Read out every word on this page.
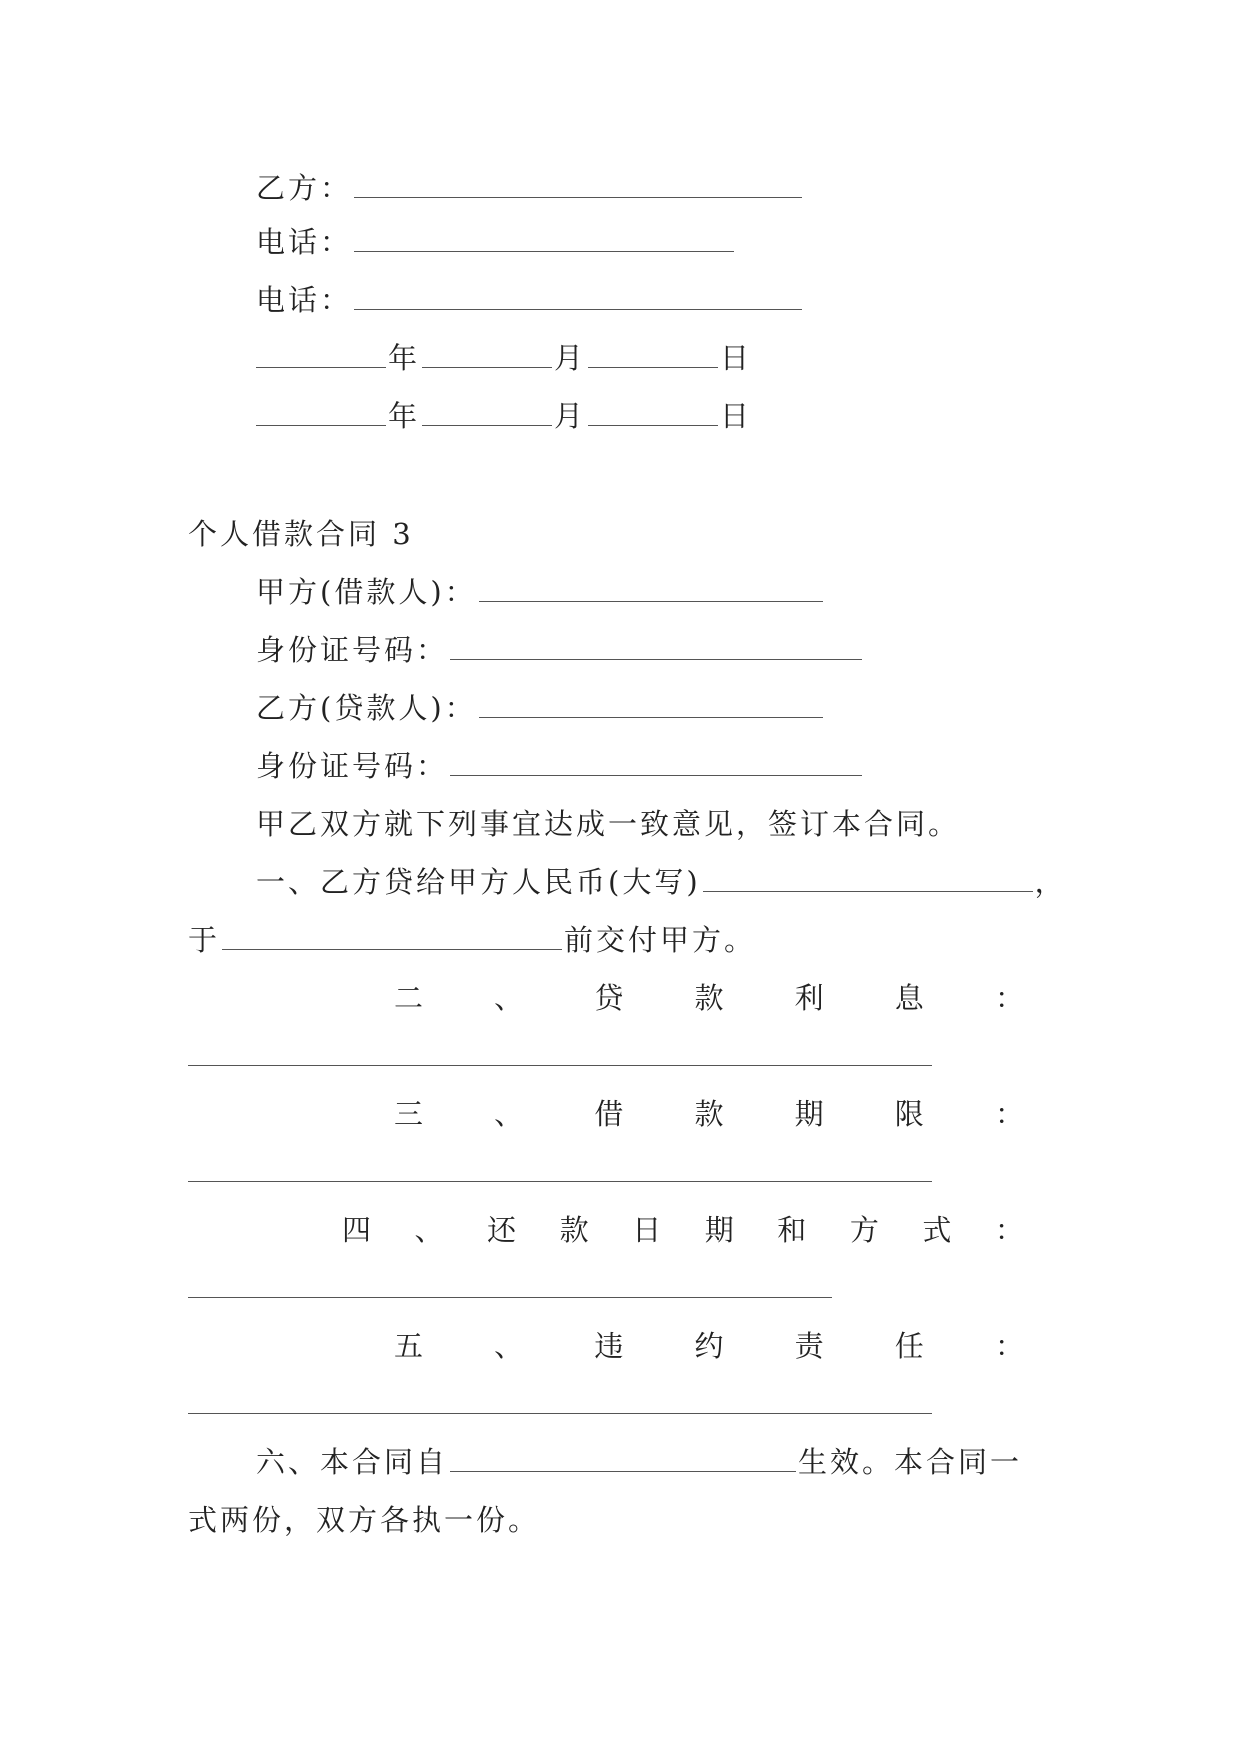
乙方：
电话：
电话：
年	月	日
年	月	日
个人借款合同 3
甲方(借款人)：
身份证号码：
乙方(贷款人)：
身份证号码：
甲乙双方就下列事宜达成一致意见，签订本合同。
一、乙方贷给甲方人民币(大写)	，
于	前交付甲方。
二 、 贷 款 利 息 ：
三 、 借 款 期 限 ：
四 、 还 款 日 期 和 方 式 ：
五 、 违 约 责 任 ：
六、本合同自	生效。本合同一
式两份，双方各执一份。
